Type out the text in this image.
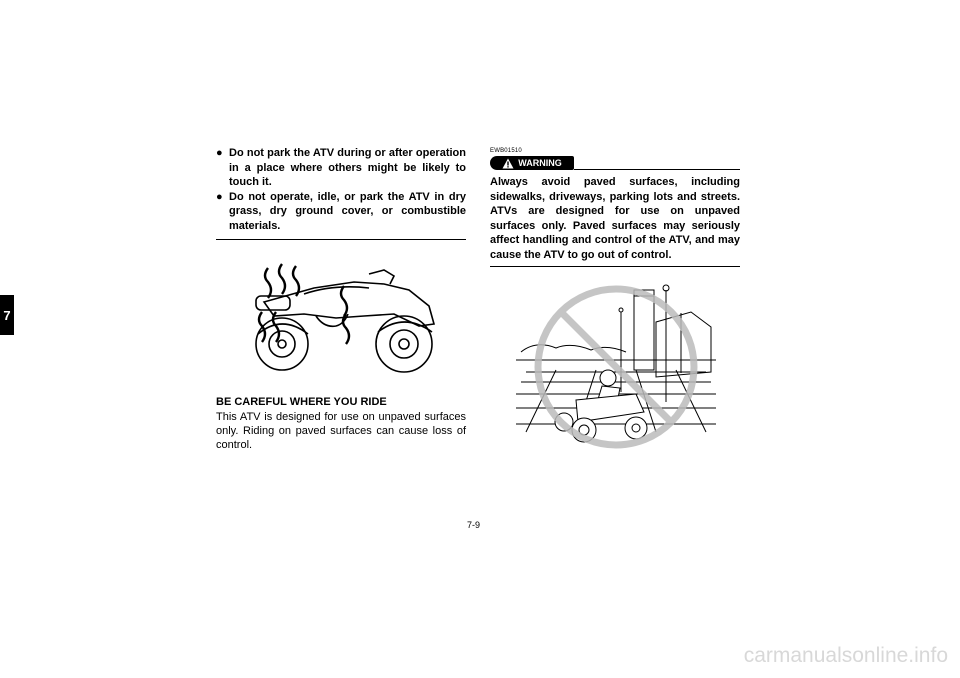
7
● Do not park the ATV during or after operation in a place where others might be likely to touch it.
● Do not operate, idle, or park the ATV in dry grass, dry ground cover, or combustible materials.
BE CAREFUL WHERE YOU RIDE

This ATV is designed for use on unpaved surfaces only. Riding on paved surfaces can cause loss of control.

EWB01510
WARNING
Always avoid paved surfaces, including sidewalks, driveways, parking lots and streets. ATVs are designed for use on unpaved surfaces only. Paved surfaces may seriously affect handling and control of the ATV, and may cause the ATV to go out of control.
7-9
carmanualsonline.info
